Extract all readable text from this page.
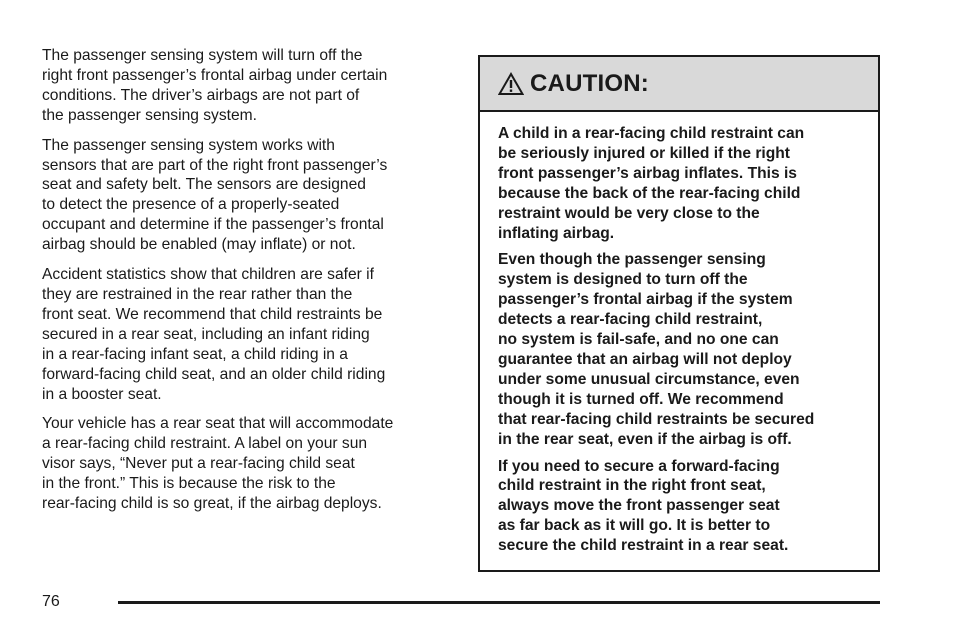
The passenger sensing system will turn off the
right front passenger’s frontal airbag under certain
conditions. The driver’s airbags are not part of
the passenger sensing system.

The passenger sensing system works with
sensors that are part of the right front passenger’s
seat and safety belt. The sensors are designed
to detect the presence of a properly-seated
occupant and determine if the passenger’s frontal
airbag should be enabled (may inflate) or not.

Accident statistics show that children are safer if
they are restrained in the rear rather than the
front seat. We recommend that child restraints be
secured in a rear seat, including an infant riding
in a rear-facing infant seat, a child riding in a
forward-facing child seat, and an older child riding
in a booster seat.

Your vehicle has a rear seat that will accommodate
a rear-facing child restraint. A label on your sun
visor says, “Never put a rear-facing child seat
in the front.” This is because the risk to the
rear-facing child is so great, if the airbag deploys.

CAUTION:

A child in a rear-facing child restraint can
be seriously injured or killed if the right
front passenger’s airbag inflates. This is
because the back of the rear-facing child
restraint would be very close to the
inflating airbag.

Even though the passenger sensing
system is designed to turn off the
passenger’s frontal airbag if the system
detects a rear-facing child restraint,
no system is fail-safe, and no one can
guarantee that an airbag will not deploy
under some unusual circumstance, even
though it is turned off. We recommend
that rear-facing child restraints be secured
in the rear seat, even if the airbag is off.

If you need to secure a forward-facing
child restraint in the right front seat,
always move the front passenger seat
as far back as it will go. It is better to
secure the child restraint in a rear seat.

76
